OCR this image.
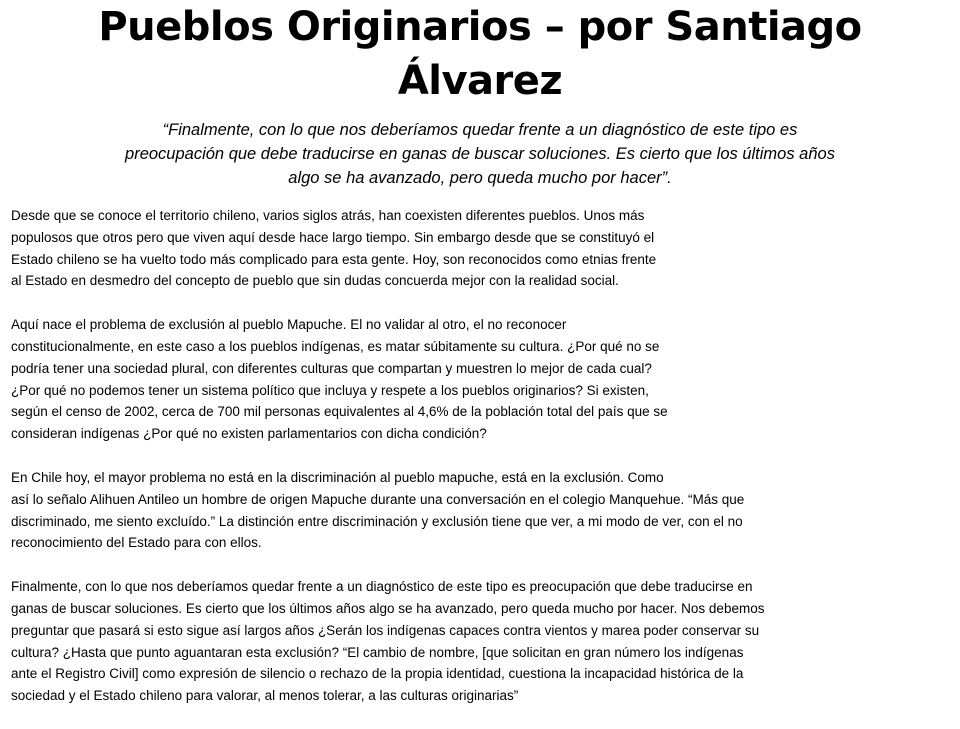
Pueblos Originarios – por Santiago
Álvarez

“Finalmente, con lo que nos deberíamos quedar frente a un diagnóstico de este tipo es
preocupación que debe traducirse en ganas de buscar soluciones. Es cierto que los últimos años
algo se ha avanzado, pero queda mucho por hacer”.

Desde que se conoce el territorio chileno, varios siglos atrás, han coexisten diferentes pueblos. Unos más
populosos que otros pero que viven aquí desde hace largo tiempo. Sin embargo desde que se constituyó el
Estado chileno se ha vuelto todo más complicado para esta gente. Hoy, son reconocidos como etnias frente
al Estado en desmedro del concepto de pueblo que sin dudas concuerda mejor con la realidad social.

Aquí nace el problema de exclusión al pueblo Mapuche. El no validar al otro, el no reconocer
constitucionalmente, en este caso a los pueblos indígenas, es matar súbitamente su cultura. ¿Por qué no se
podría tener una sociedad plural, con diferentes culturas que compartan y muestren lo mejor de cada cual?
¿Por qué no podemos tener un sistema político que incluya y respete a los pueblos originarios? Si existen,
según el censo de 2002, cerca de 700 mil personas equivalentes al 4,6% de la población total del país que se
consideran indígenas ¿Por qué no existen parlamentarios con dicha condición?

En Chile hoy, el mayor problema no está en la discriminación al pueblo mapuche, está en la exclusión. Como
así lo señalo Alihuen Antileo un hombre de origen Mapuche durante una conversación en el colegio Manquehue. “Más que
discriminado, me siento excluído.” La distinción entre discriminación y exclusión tiene que ver, a mi modo de ver, con el no
reconocimiento del Estado para con ellos.

Finalmente, con lo que nos deberíamos quedar frente a un diagnóstico de este tipo es preocupación que debe traducirse en
ganas de buscar soluciones. Es cierto que los últimos años algo se ha avanzado, pero queda mucho por hacer. Nos debemos
preguntar que pasará si esto sigue así largos años ¿Serán los indígenas capaces contra vientos y marea poder conservar su
cultura? ¿Hasta que punto aguantaran esta exclusión? “El cambio de nombre, [que solicitan en gran número los indígenas
ante el Registro Civil] como expresión de silencio o rechazo de la propia identidad, cuestiona la incapacidad histórica de la
sociedad y el Estado chileno para valorar, al menos tolerar, a las culturas originarias”
